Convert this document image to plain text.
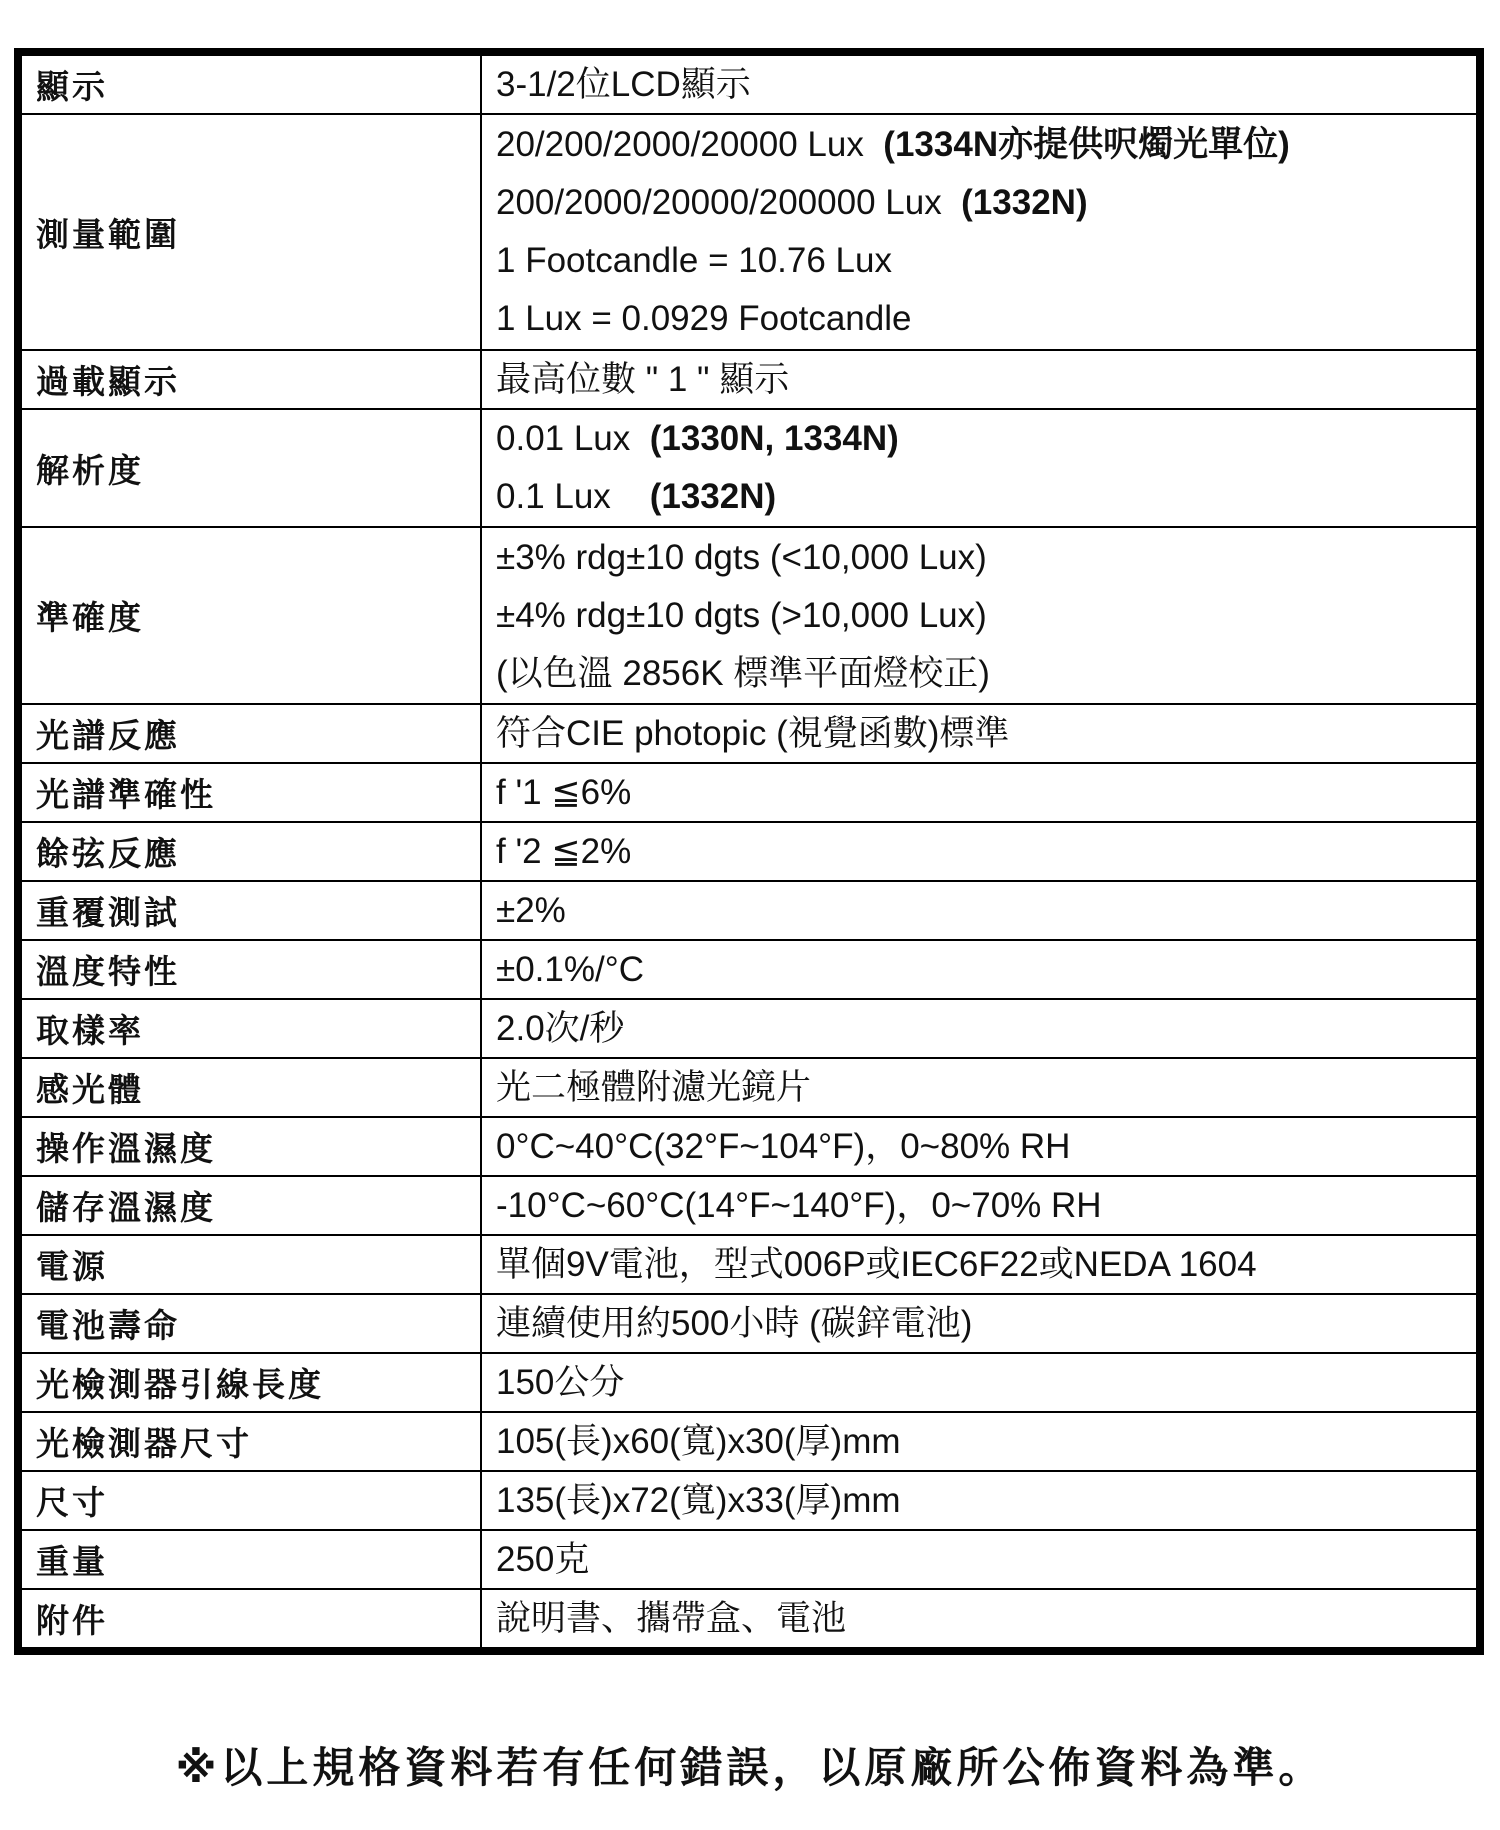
顯示	3-1/2位LCD顯示

測量範圍	20/200/2000/20000 Lux  (1334N亦提供呎燭光單位)
200/2000/20000/200000 Lux  (1332N)
1 Footcandle = 10.76 Lux
1 Lux = 0.0929 Footcandle

過載顯示	最高位數 " 1 " 顯示

解析度	0.01 Lux  (1330N, 1334N)
0.1 Lux    (1332N)

準確度	±3% rdg±10 dgts (<10,000 Lux)
±4% rdg±10 dgts (>10,000 Lux)
(以色溫 2856K 標準平面燈校正)

光譜反應	符合CIE photopic (視覺函數)標準

光譜準確性	f '1 ≦6%

餘弦反應	f '2 ≦2%

重覆測試	±2%

溫度特性	±0.1%/°C

取樣率	2.0次/秒

感光體	光二極體附濾光鏡片

操作溫濕度	0°C~40°C(32°F~104°F)，0~80% RH

儲存溫濕度	-10°C~60°C(14°F~140°F)，0~70% RH

電源	單個9V電池，型式006P或IEC6F22或NEDA 1604

電池壽命	連續使用約500小時 (碳鋅電池)

光檢測器引線長度	150公分

光檢測器尺寸	105(長)x60(寬)x30(厚)mm

尺寸	135(長)x72(寬)x33(厚)mm

重量	250克

附件	說明書、攜帶盒、電池
※以上規格資料若有任何錯誤，以原廠所公佈資料為準。
